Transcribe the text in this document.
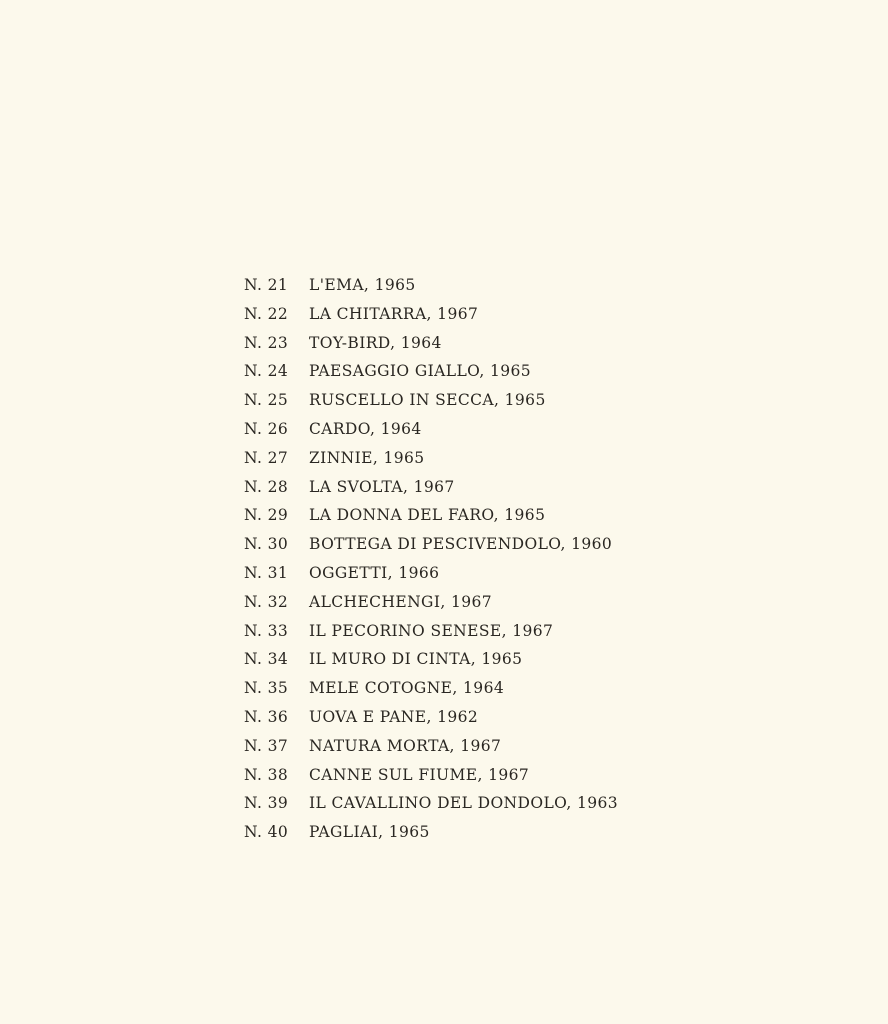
N. 21	L'EMA, 1965
N. 22	LA CHITARRA, 1967
N. 23	TOY-BIRD, 1964
N. 24	PAESAGGIO GIALLO, 1965
N. 25	RUSCELLO IN SECCA, 1965
N. 26	CARDO, 1964
N. 27	ZINNIE, 1965
N. 28	LA SVOLTA, 1967
N. 29	LA DONNA DEL FARO, 1965
N. 30	BOTTEGA DI PESCIVENDOLO, 1960
N. 31	OGGETTI, 1966
N. 32	ALCHECHENGI, 1967
N. 33	IL PECORINO SENESE, 1967
N. 34	IL MURO DI CINTA, 1965
N. 35	MELE COTOGNE, 1964
N. 36	UOVA E PANE, 1962
N. 37	NATURA MORTA, 1967
N. 38	CANNE SUL FIUME, 1967
N. 39	IL CAVALLINO DEL DONDOLO, 1963
N. 40	PAGLIAI, 1965
